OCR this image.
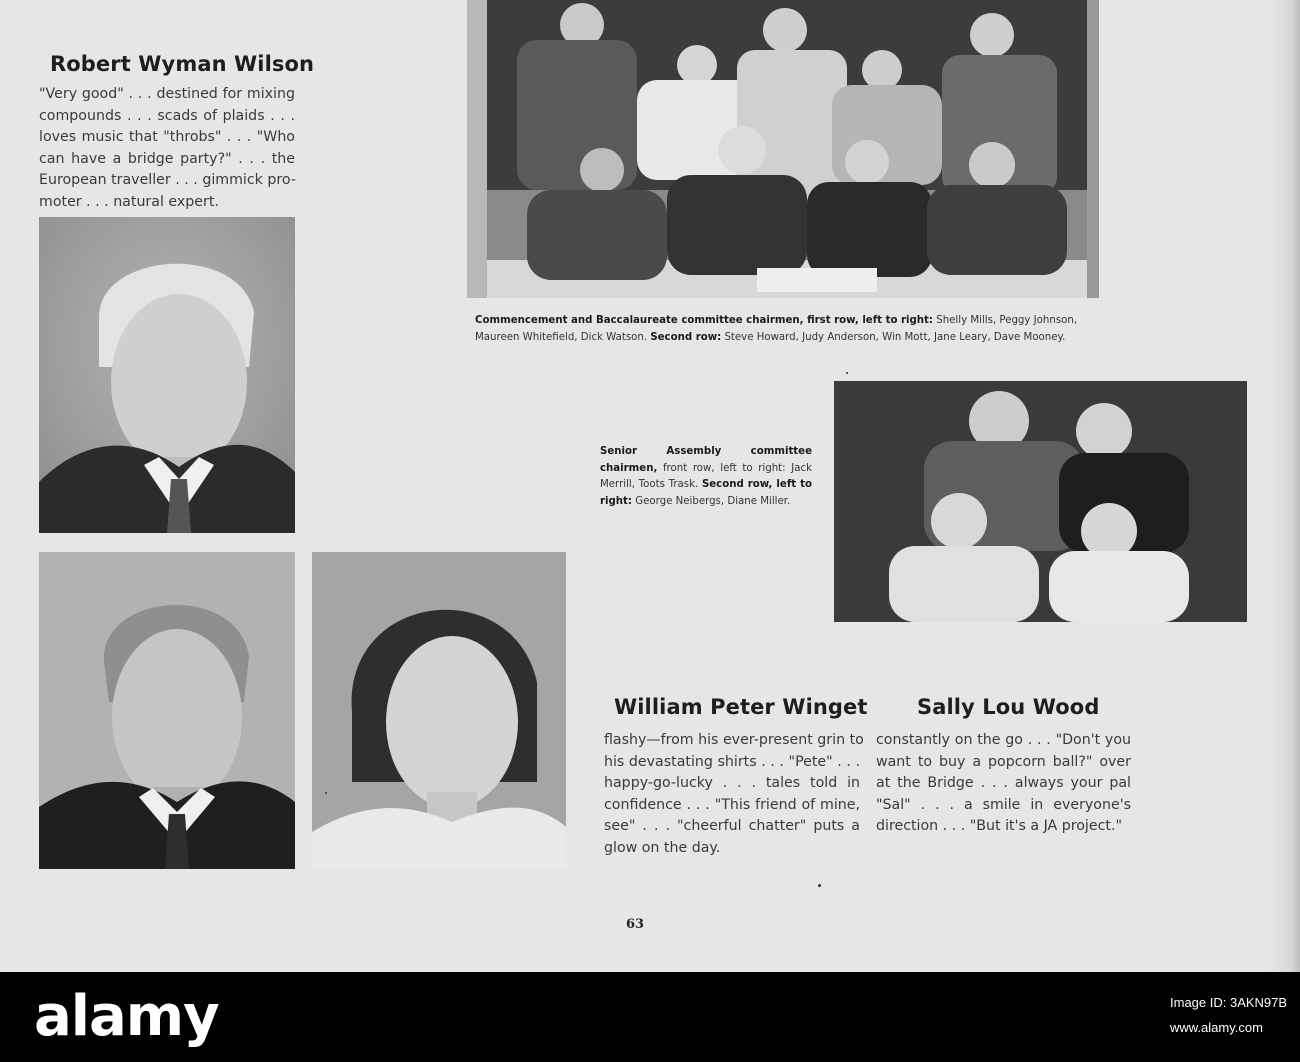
Robert Wyman Wilson
"Very good" . . . destined for mixing
compounds . . . scads of plaids . . .
loves music that "throbs" . . . "Who
can have a bridge party?" . . . the
European traveller . . . gimmick pro-
moter . . . natural expert.
Commencement and Baccalaureate committee chairmen, first row, left to right: Shelly Mills, Peggy Johnson, Maureen Whitefield, Dick Watson. Second row: Steve Howard, Judy Anderson, Win Mott, Jane Leary, Dave Mooney.
Senior Assembly committee chairmen, front row, left to right: Jack Merrill, Toots Trask. Second row, left to right: George Neibergs, Diane Miller.
William Peter Winget
flashy—from his ever-present grin to
his devastating shirts . . . "Pete" . . .
happy-go-lucky . . . tales told in
confidence . . . "This friend of mine,
see" . . . "cheerful chatter" puts a
glow on the day.
Sally Lou Wood
constantly on the go . . . "Don't you
want to buy a popcorn ball?" over
at the Bridge . . . always your pal
"Sal" . . . a smile in everyone's
direction . . . "But it's a JA project."
63
alamy	Image ID: 3AKN97B
www.alamy.com
